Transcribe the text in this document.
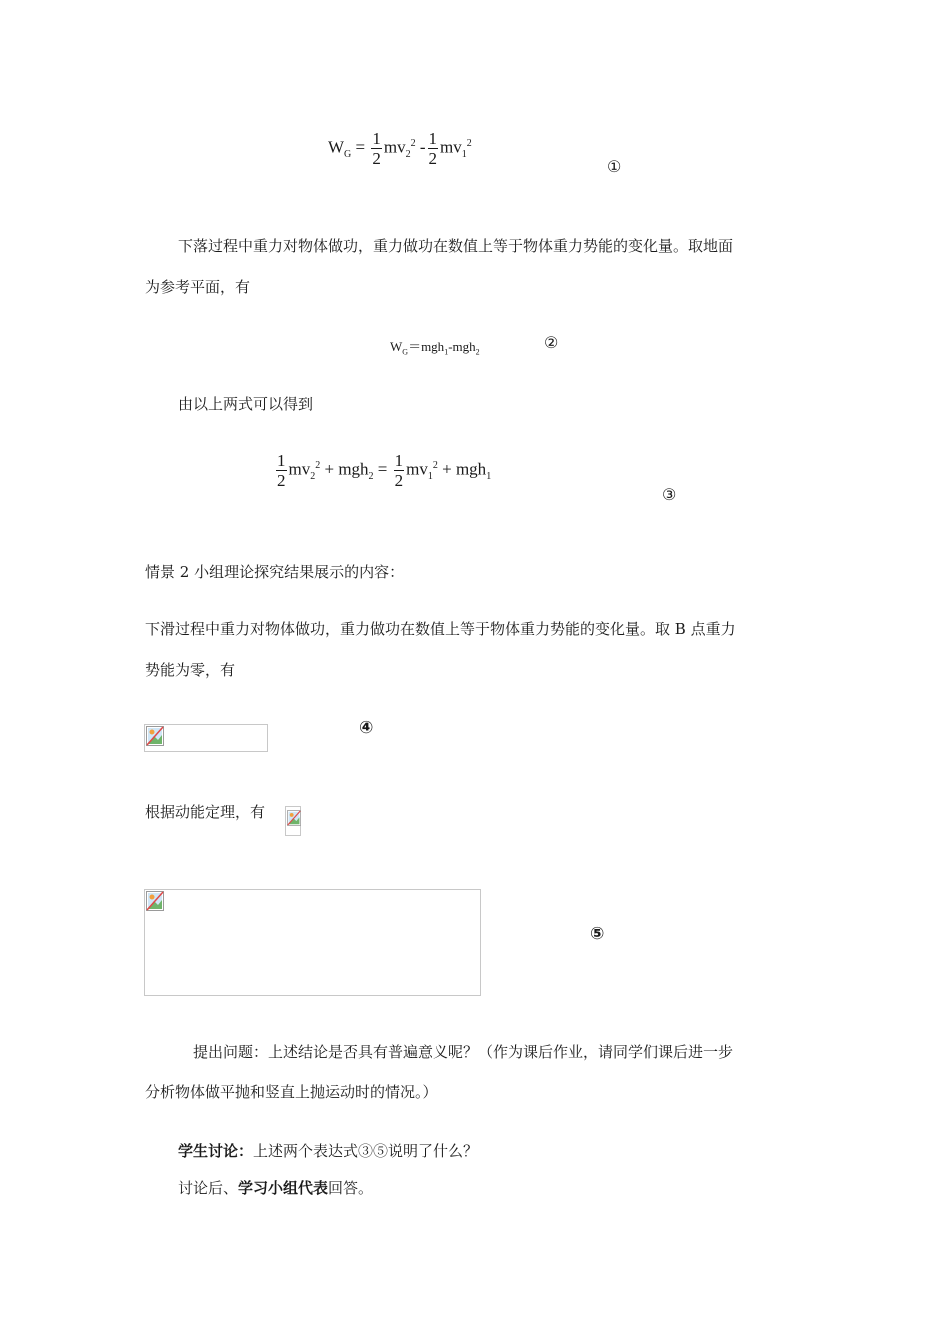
$W_G = \frac{1}{2} mv_2^2 - \frac{1}{2} mv_1^2$
①
下落过程中重力对物体做功，重力做功在数值上等于物体重力势能的变化量。取地面
为参考平面，有
$W_G=mgh_1-mgh_2$
②
由以上两式可以得到
$\frac{1}{2} mv_2^2 + mgh_2 = \frac{1}{2} mv_1^2 + mgh_1$
③
情景 2 小组理论探究结果展示的内容：
下滑过程中重力对物体做功，重力做功在数值上等于物体重力势能的变化量。取 B 点重力
势能为零，有
④
根据动能定理，有
⑤
提出问题：上述结论是否具有普遍意义呢？（作为课后作业，请同学们课后进一步
分析物体做平抛和竖直上抛运动时的情况。）
学生讨论：上述两个表达式③⑤说明了什么？
讨论后、学习小组代表回答。
